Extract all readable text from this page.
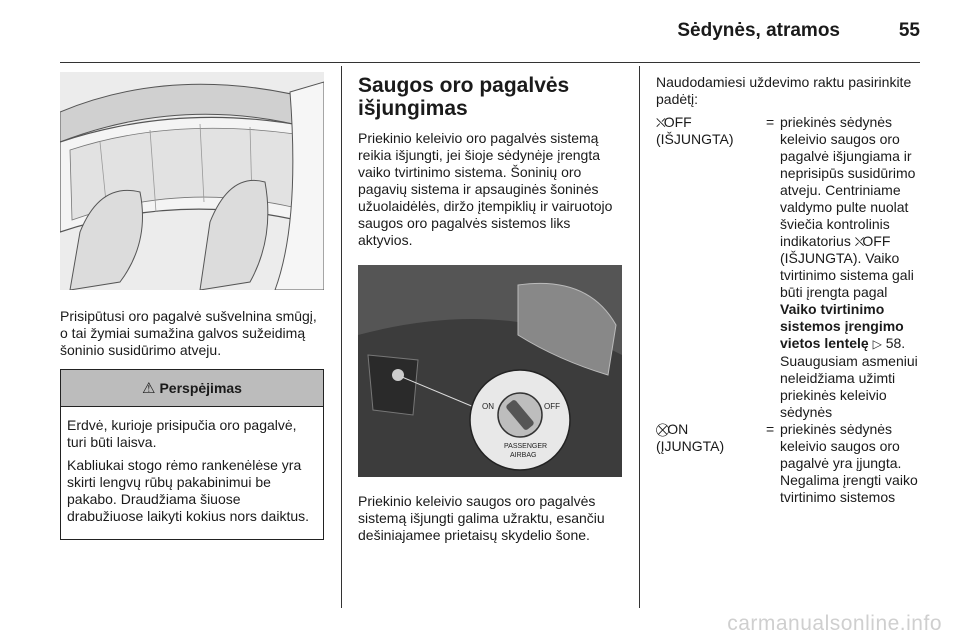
Sėdynės, atramos	55

Prisipūtusi oro pagalvė sušvelnina smūgį, o tai žymiai sumažina galvos sužeidimą šoninio susidūrimo atveju.

⚠ Perspėjimas

Erdvė, kurioje prisipučia oro pagalvė, turi būti laisva.

Kabliukai stogo rėmo rankenėlėse yra skirti lengvų rūbų pakabinimui be pakabo. Draudžiama šiuose drabužiuose laikyti kokius nors daiktus.

Saugos oro pagalvės išjungimas

Priekinio keleivio oro pagalvės sistemą reikia išjungti, jei šioje sėdynėje įrengta vaiko tvirtinimo sistema. Šoninių oro pagavių sistema ir apsauginės šoninės užuolaidėlės, diržo įtempiklių ir vairuotojo saugos oro pagalvės sistemos liks aktyvios.

ON	OFF
PASSENGER
AIRBAG

Priekinio keleivio saugos oro pagalvės sistemą išjungti galima užraktu, esančiu dešiniajamee prietaisų skydelio šone.

Naudodamiesi uždevimo raktu pasirinkite padėtį:

⛌OFF
(IŠJUNGTA)
= priekinės sėdynės keleivio saugos oro pagalvė išjungiama ir neprisipūs susidūrimo atveju. Centriniame valdymo pulte nuolat šviečia kontrolinis indikatorius ⛌OFF (IŠJUNGTA). Vaiko tvirtinimo sistema gali būti įrengta pagal Vaiko tvirtinimo sistemos įrengimo vietos lentelę ▷ 58. Suaugusiam asmeniui neleidžiama užimti priekinės keleivio sėdynės
⛒ON
(ĮJUNGTA)
= priekinės sėdynės keleivio saugos oro pagalvė yra įjungta. Negalima įrengti vaiko tvirtinimo sistemos
carmanualsonline.info
